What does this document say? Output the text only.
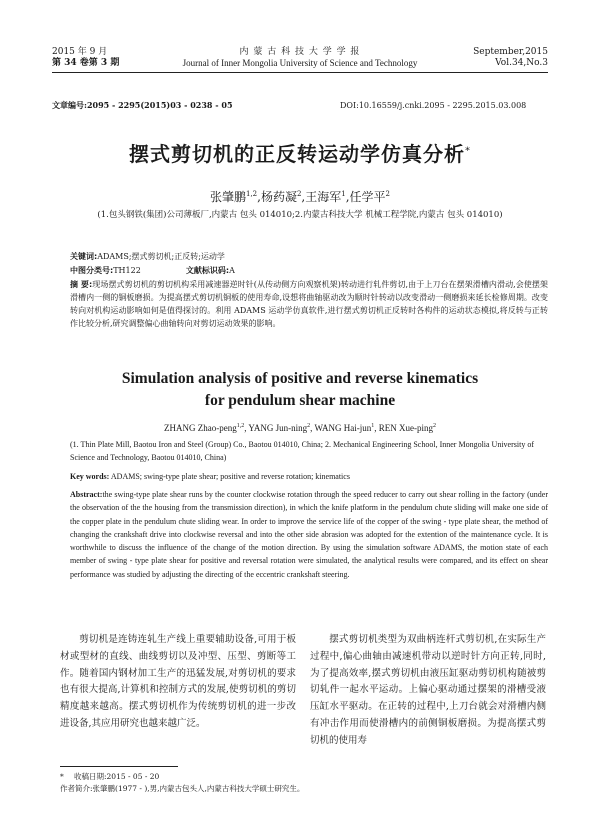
2015 年 9 月
第 34 卷第 3 期
内 蒙 古 科 技 大 学 学 报
Journal of Inner Mongolia University of Science and Technology
September,2015
Vol.34,No.3
文章编号:2095 - 2295(2015)03 - 0238 - 05	DOI:10.16559/j.cnki.2095 - 2295.2015.03.008
摆式剪切机的正反转运动学仿真分析*
张肇鹏$^{1,2}$,杨药凝$^2$,王海军$^1$,任学平$^2$
(1.包头钢铁(集团)公司薄板厂,内蒙古 包头 014010;2.内蒙古科技大学 机械工程学院,内蒙古 包头 014010)
关键词:ADAMS;摆式剪切机;正反转;运动学
中图分类号:TH122	文献标识码:A
摘 要:现场摆式剪切机的剪切机构采用减速器逆时针(从传动侧方向观察机架)转动进行轧件剪切,由于上刀台在摆架滑槽内滑动,会使摆架滑槽内一侧的铜板磨损。为提高摆式剪切机铜板的使用寿命,设想将曲轴驱动改为顺时针转动以改变滑动一侧磨损来延长检修周期。改变转向对机构运动影响如何是值得探讨的。利用 ADAMS 运动学仿真软件,进行摆式剪切机正反转时各构件的运动状态模拟,将反转与正转作比较分析,研究调整偏心曲轴转向对剪切运动效果的影响。
Simulation analysis of positive and reverse kinematics
for pendulum shear machine
ZHANG Zhao-peng$^{1,2}$, YANG Jun-ning$^2$, WANG Hai-jun$^1$, REN Xue-ping$^2$
(1. Thin Plate Mill, Baotou Iron and Steel (Group) Co., Baotou 014010, China; 2. Mechanical Engineering School, Inner Mongolia University of Science and Technology, Baotou 014010, China)
Key words: ADAMS; swing-type plate shear; positive and reverse rotation; kinematics
Abstract:the swing-type plate shear runs by the counter clockwise rotation through the speed reducer to carry out shear rolling in the factory (under the observation of the the housing from the transmission direction), in which the knife platform in the pendulum chute sliding will make one side of the copper plate in the pendulum chute sliding wear. In order to improve the service life of the copper of the swing - type plate shear, the method of changing the crankshaft drive into clockwise reversal and into the other side abrasion was adopted for the extention of the maintenance cycle. It is worthwhile to discuss the influence of the change of the motion direction. By using the simulation software ADAMS, the motion state of each member of swing - type plate shear for positive and reversal rotation were simulated, the analytical results were compared, and its effect on shear performance was studied by adjusting the directing of the eccentric crankshaft steering.
剪切机是连铸连轧生产线上重要辅助设备,可用于板材或型材的直线、曲线剪切以及冲型、压型、剪断等工作。随着国内钢材加工生产的迅猛发展,对剪切机的要求也有很大提高,计算机和控制方式的发展,使剪切机的剪切精度越来越高。摆式剪切机作为传统剪切机的进一步改进设备,其应用研究也越来越广泛。
摆式剪切机类型为双曲柄连杆式剪切机,在实际生产过程中,偏心曲轴由减速机带动以逆时针方向正转,同时,为了提高效率,摆式剪切机由液压缸驱动剪切机构随被剪切轧件一起水平运动。上偏心驱动通过摆架的滑槽受液压缸水平驱动。在正转的过程中,上刀台就会对滑槽内侧有冲击作用而使滑槽内的前侧铜板磨损。为提高摆式剪切机的使用寿
* 收稿日期:2015 - 05 - 20
作者简介:张肇鹏(1977 - ),男,内蒙古包头人,内蒙古科技大学硕士研究生。
